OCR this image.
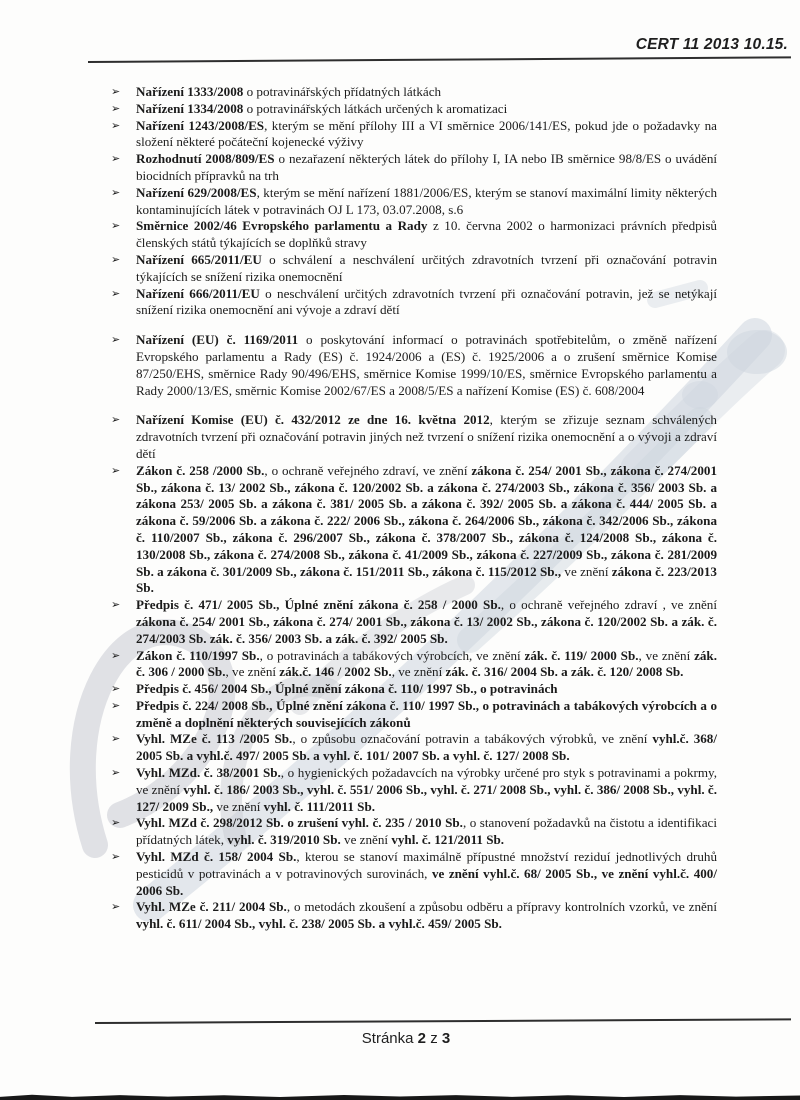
CERT 11 2013 10.15.
➢ Nařízení 1333/2008 o potravinářských přídatných látkách
➢ Nařízení 1334/2008 o potravinářských látkách určených k aromatizaci
➢ Nařízení 1243/2008/ES, kterým se mění přílohy III a VI směrnice 2006/141/ES, pokud jde o požadavky na složení některé počáteční kojenecké výživy
➢ Rozhodnutí 2008/809/ES o nezařazení některých látek do přílohy I, IA nebo IB směrnice 98/8/ES o uvádění biocidních přípravků na trh
➢ Nařízení 629/2008/ES, kterým se mění nařízení 1881/2006/ES, kterým se stanoví maximální limity některých kontaminujících látek v potravinách OJ L 173, 03.07.2008, s.6
➢ Směrnice 2002/46 Evropského parlamentu a Rady z 10. června 2002 o harmonizaci právních předpisů členských států týkajících se doplňků stravy
➢ Nařízení 665/2011/EU o schválení a neschválení určitých zdravotních tvrzení při označování potravin týkajících se snížení rizika onemocnění
➢ Nařízení 666/2011/EU o neschválení určitých zdravotních tvrzení při označování potravin, jež se netýkají snížení rizika onemocnění ani vývoje a zdraví dětí
➢ Nařízení (EU) č. 1169/2011 o poskytování informací o potravinách spotřebitelům, o změně nařízení Evropského parlamentu a Rady (ES) č. 1924/2006 a (ES) č. 1925/2006 a o zrušení směrnice Komise 87/250/EHS, směrnice Rady 90/496/EHS, směrnice Komise 1999/10/ES, směrnice Evropského parlamentu a Rady 2000/13/ES, směrnic Komise 2002/67/ES a 2008/5/ES a nařízení Komise (ES) č. 608/2004
➢ Nařízení Komise (EU) č. 432/2012 ze dne 16. května 2012, kterým se zřizuje seznam schválených zdravotních tvrzení při označování potravin jiných než tvrzení o snížení rizika onemocnění a o vývoji a zdraví dětí
➢ Zákon č. 258 /2000 Sb., o ochraně veřejného zdraví, ve znění zákona č. 254/ 2001 Sb., zákona č. 274/2001 Sb., zákona č. 13/ 2002 Sb., zákona č. 120/2002 Sb. a zákona č. 274/2003 Sb., zákona č. 356/ 2003 Sb. a zákona 253/ 2005 Sb. a zákona č. 381/ 2005 Sb. a zákona č. 392/ 2005 Sb. a zákona č. 444/ 2005 Sb. a zákona č. 59/2006 Sb. a zákona č. 222/ 2006 Sb., zákona č. 264/2006 Sb., zákona č. 342/2006 Sb., zákona č. 110/2007 Sb., zákona č. 296/2007 Sb., zákona č. 378/2007 Sb., zákona č. 124/2008 Sb., zákona č. 130/2008 Sb., zákona č. 274/2008 Sb., zákona č. 41/2009 Sb., zákona č. 227/2009 Sb., zákona č. 281/2009 Sb. a zákona č. 301/2009 Sb., zákona č. 151/2011 Sb., zákona č. 115/2012 Sb., ve znění zákona č. 223/2013 Sb.
➢ Předpis č. 471/ 2005 Sb., Úplné znění zákona č. 258 / 2000 Sb., o ochraně veřejného zdraví , ve znění zákona č. 254/ 2001 Sb., zákona č. 274/ 2001 Sb., zákona č. 13/ 2002 Sb., zákona č. 120/2002 Sb. a zák. č. 274/2003 Sb. zák. č. 356/ 2003 Sb. a zák. č. 392/ 2005 Sb.
➢ Zákon č. 110/1997 Sb., o potravinách a tabákových výrobcích, ve znění zák. č. 119/ 2000 Sb., ve znění zák. č. 306 / 2000 Sb., ve znění zák.č. 146 / 2002 Sb., ve znění zák. č. 316/ 2004 Sb. a zák. č. 120/ 2008 Sb.
➢ Předpis č. 456/ 2004 Sb., Úplné znění zákona č. 110/ 1997 Sb., o potravinách
➢ Předpis č. 224/ 2008 Sb., Úplné znění zákona č. 110/ 1997 Sb., o potravinách a tabákových výrobcích a o změně a doplnění některých souvisejících zákonů
➢ Vyhl. MZe č. 113 /2005 Sb., o způsobu označování potravin a tabákových výrobků, ve znění vyhl.č. 368/ 2005 Sb. a vyhl.č. 497/ 2005 Sb. a vyhl. č. 101/ 2007 Sb. a vyhl. č. 127/ 2008 Sb.
➢ Vyhl. MZd. č. 38/2001 Sb., o hygienických požadavcích na výrobky určené pro styk s potravinami a pokrmy, ve znění vyhl. č. 186/ 2003 Sb., vyhl. č. 551/ 2006 Sb., vyhl. č. 271/ 2008 Sb., vyhl. č. 386/ 2008 Sb., vyhl. č. 127/ 2009 Sb., ve znění vyhl. č. 111/2011 Sb.
➢ Vyhl. MZd č. 298/2012 Sb. o zrušení vyhl. č. 235 / 2010 Sb., o stanovení požadavků na čistotu a identifikaci přídatných látek, vyhl. č. 319/2010 Sb. ve znění vyhl. č. 121/2011 Sb.
➢ Vyhl. MZd č. 158/ 2004 Sb., kterou se stanoví maximálně přípustné množství reziduí jednotlivých druhů pesticidů v potravinách a v potravinových surovinách, ve znění vyhl.č. 68/ 2005 Sb., ve znění vyhl.č. 400/ 2006 Sb.
➢ Vyhl. MZe č. 211/ 2004 Sb., o metodách zkoušení a způsobu odběru a přípravy kontrolních vzorků, ve znění vyhl. č. 611/ 2004 Sb., vyhl. č. 238/ 2005 Sb. a vyhl.č. 459/ 2005 Sb.
Stránka 2 z 3
